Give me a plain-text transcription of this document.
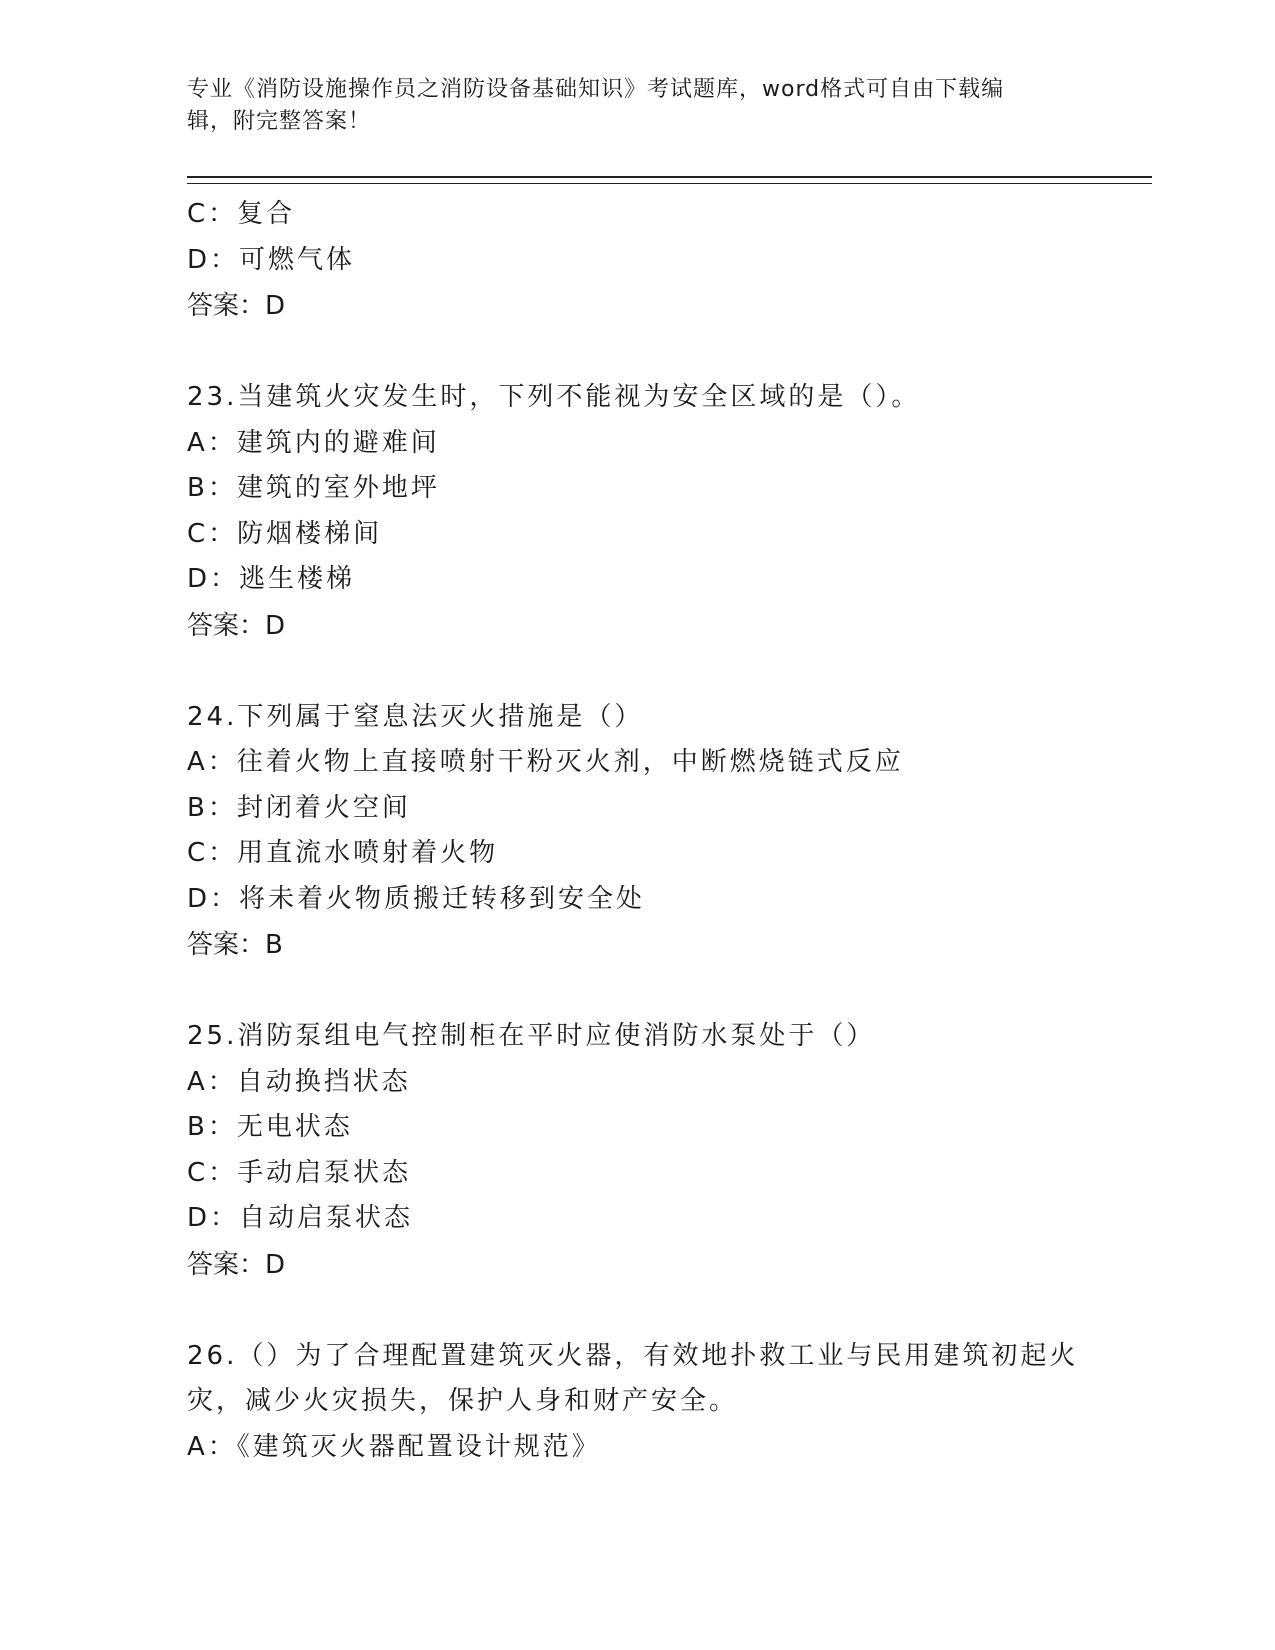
专业《消防设施操作员之消防设备基础知识》考试题库，word格式可自由下载编
辑，附完整答案！
C：复合
D：可燃气体
答案：D
23.当建筑火灾发生时，下列不能视为安全区域的是（）。
A：建筑内的避难间
B：建筑的室外地坪
C：防烟楼梯间
D：逃生楼梯
答案：D
24.下列属于窒息法灭火措施是（）
A：往着火物上直接喷射干粉灭火剂，中断燃烧链式反应
B：封闭着火空间
C：用直流水喷射着火物
D：将未着火物质搬迁转移到安全处
答案：B
25.消防泵组电气控制柜在平时应使消防水泵处于（）
A：自动换挡状态
B：无电状态
C：手动启泵状态
D：自动启泵状态
答案：D
26.（）为了合理配置建筑灭火器，有效地扑救工业与民用建筑初起火
灾，减少火灾损失，保护人身和财产安全。
A：《建筑灭火器配置设计规范》
